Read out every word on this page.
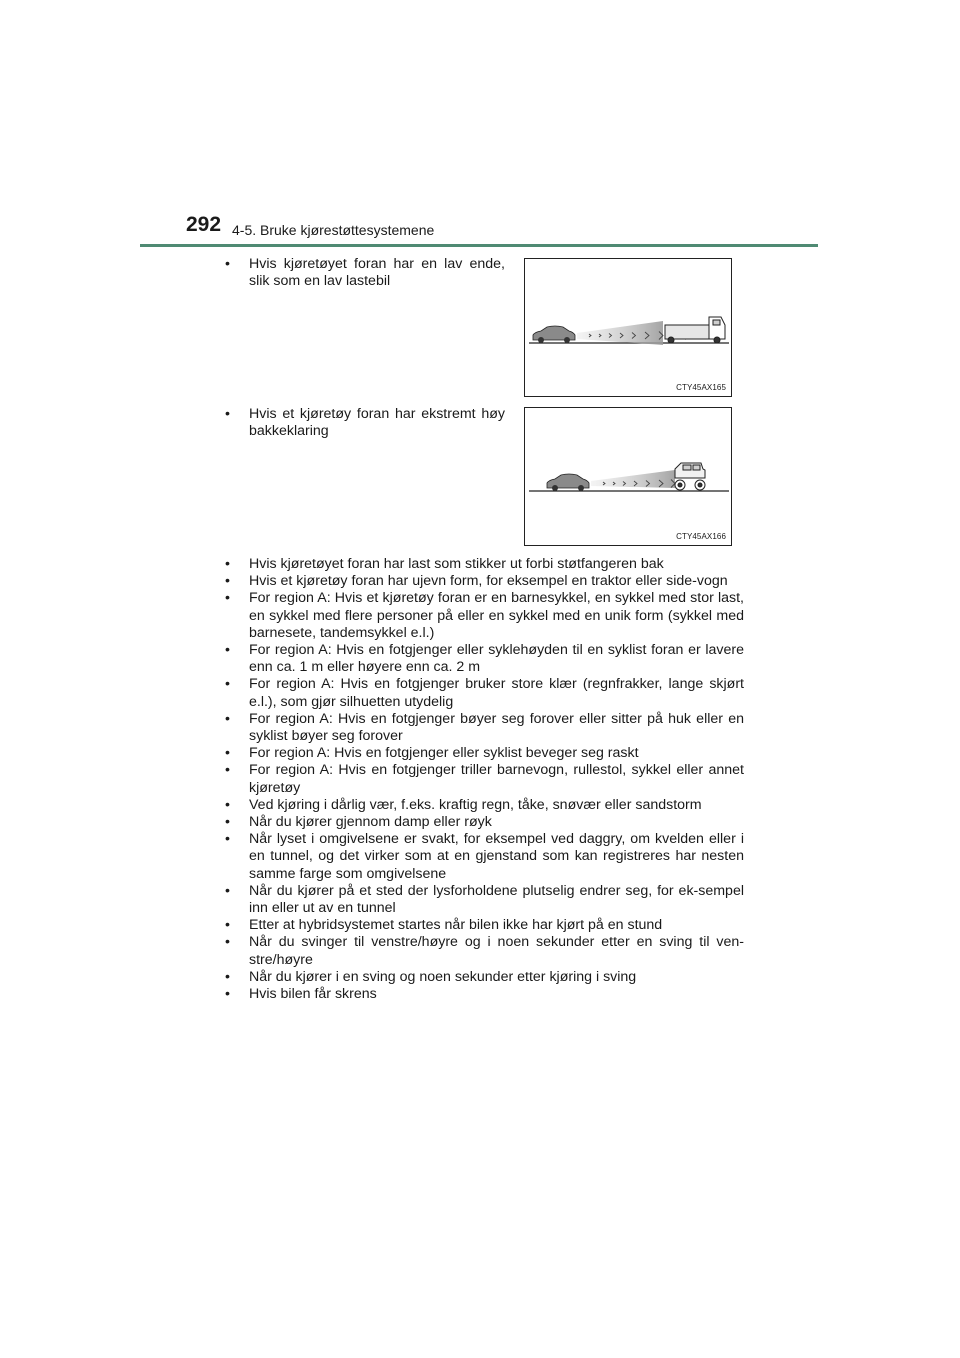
292 4-5. Bruke kjørestøttesystemene
•	Hvis kjøretøyet foran har en lav ende, slik som en lav lastebil
CTY45AX165
•	Hvis et kjøretøy foran har ekstremt høy bakkeklaring
CTY45AX166
• Hvis kjøretøyet foran har last som stikker ut forbi støtfangeren bak
• Hvis et kjøretøy foran har ujevn form, for eksempel en traktor eller side-vogn
• For region A: Hvis et kjøretøy foran er en barnesykkel, en sykkel med stor last, en sykkel med flere personer på eller en sykkel med en unik form (sykkel med barnesete, tandemsykkel e.l.)
• For region A: Hvis en fotgjenger eller syklehøyden til en syklist foran er lavere enn ca. 1 m eller høyere enn ca. 2 m
• For region A: Hvis en fotgjenger bruker store klær (regnfrakker, lange skjørt e.l.), som gjør silhuetten utydelig
• For region A: Hvis en fotgjenger bøyer seg forover eller sitter på huk eller en syklist bøyer seg forover
• For region A: Hvis en fotgjenger eller syklist beveger seg raskt
• For region A: Hvis en fotgjenger triller barnevogn, rullestol, sykkel eller annet kjøretøy
• Ved kjøring i dårlig vær, f.eks. kraftig regn, tåke, snøvær eller sandstorm
• Når du kjører gjennom damp eller røyk
• Når lyset i omgivelsene er svakt, for eksempel ved daggry, om kvelden eller i en tunnel, og det virker som at en gjenstand som kan registreres har nesten samme farge som omgivelsene
• Når du kjører på et sted der lysforholdene plutselig endrer seg, for ek-sempel inn eller ut av en tunnel
• Etter at hybridsystemet startes når bilen ikke har kjørt på en stund
• Når du svinger til venstre/høyre og i noen sekunder etter en sving til ven-stre/høyre
• Når du kjører i en sving og noen sekunder etter kjøring i sving
• Hvis bilen får skrens
